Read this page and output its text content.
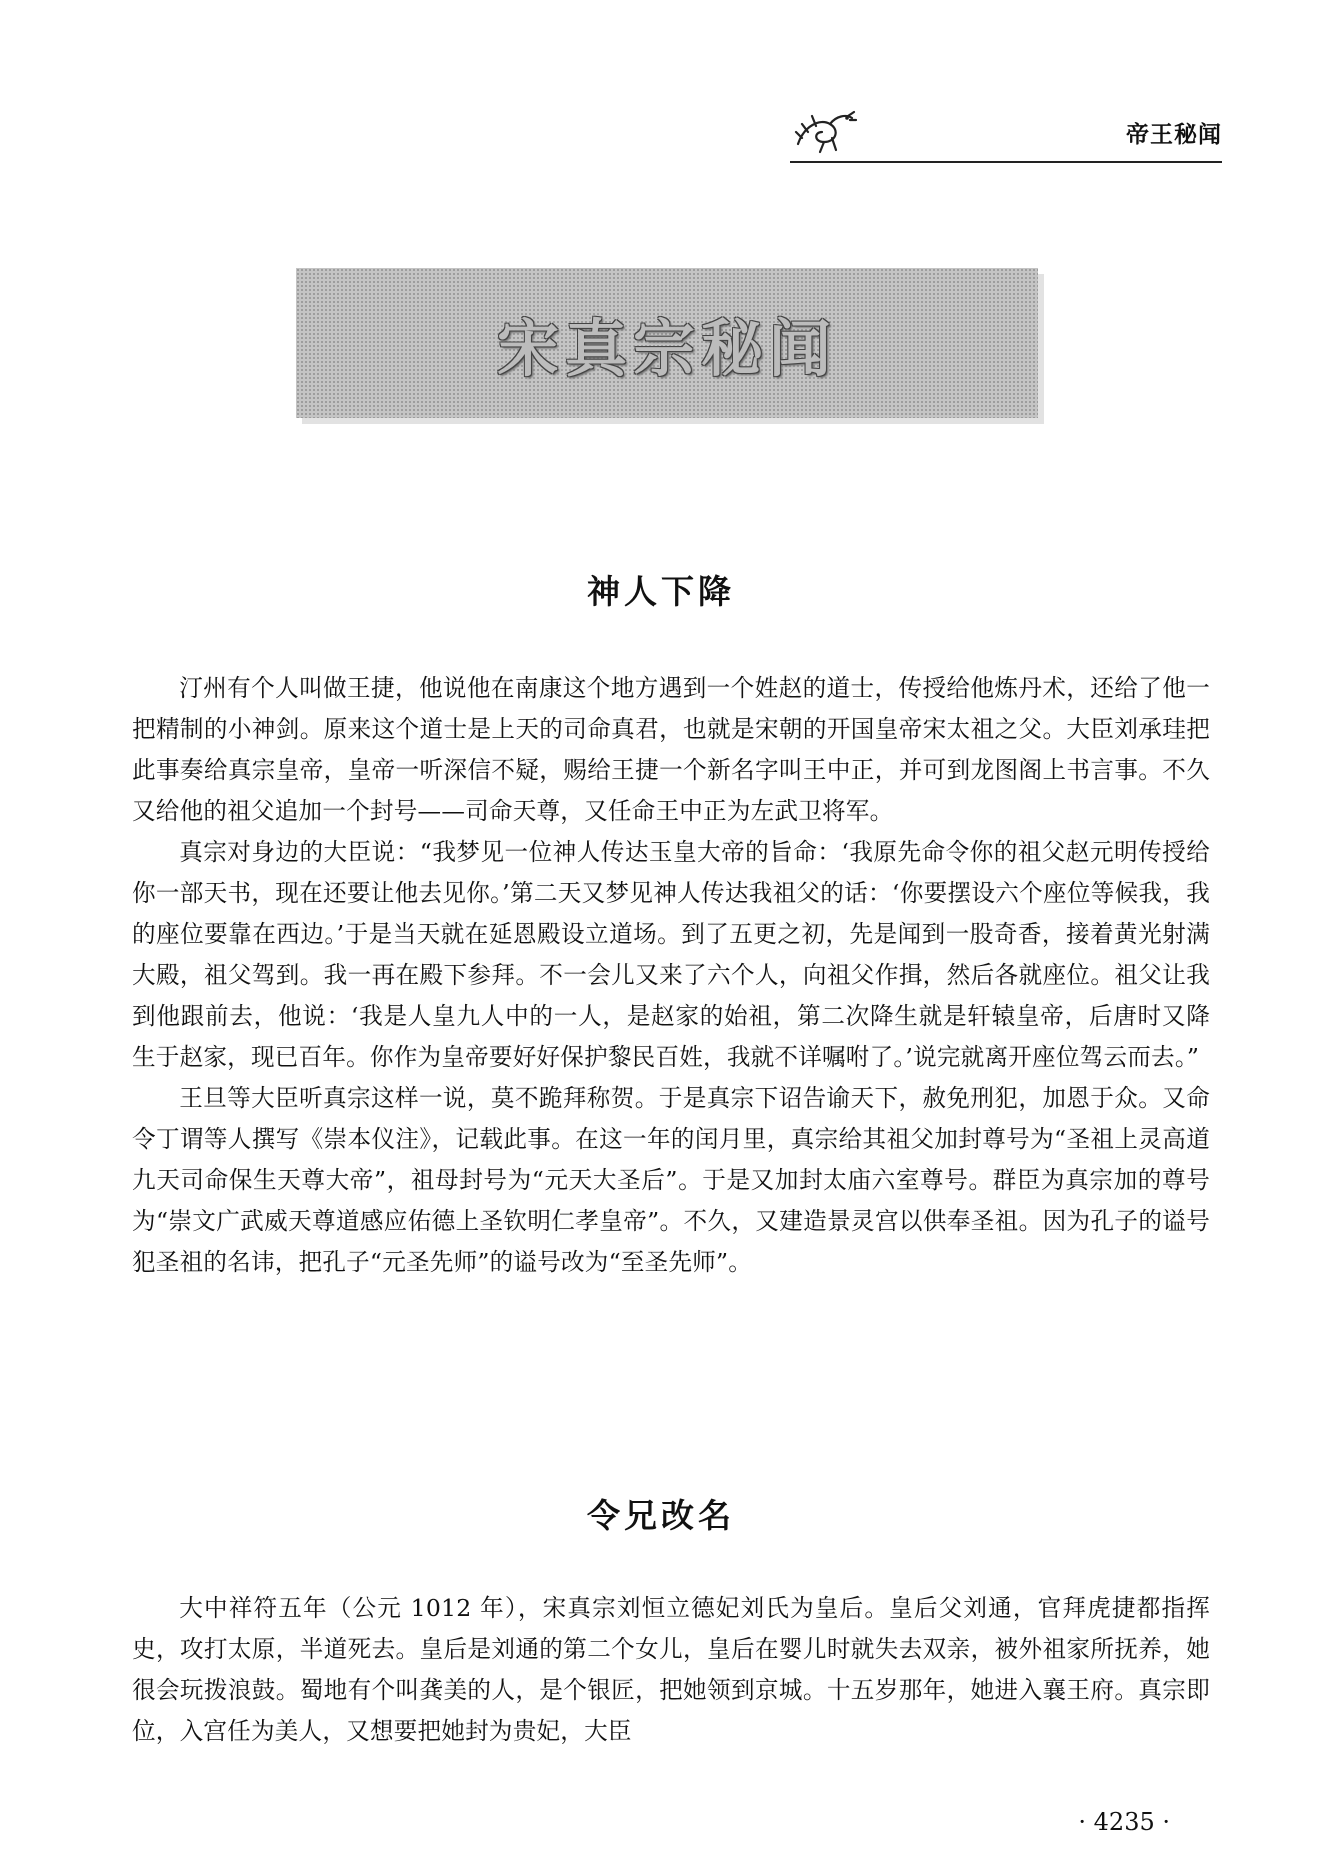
帝王秘闻
宋真宗秘闻
神人下降

汀州有个人叫做王捷，他说他在南康这个地方遇到一个姓赵的道士，传授给他炼丹术，还给了他一把精制的小神剑。原来这个道士是上天的司命真君，也就是宋朝的开国皇帝宋太祖之父。大臣刘承珪把此事奏给真宗皇帝，皇帝一听深信不疑，赐给王捷一个新名字叫王中正，并可到龙图阁上书言事。不久又给他的祖父追加一个封号——司命天尊，又任命王中正为左武卫将军。

真宗对身边的大臣说：“我梦见一位神人传达玉皇大帝的旨命：‘我原先命令你的祖父赵元明传授给你一部天书，现在还要让他去见你。’第二天又梦见神人传达我祖父的话：‘你要摆设六个座位等候我，我的座位要靠在西边。’于是当天就在延恩殿设立道场。到了五更之初，先是闻到一股奇香，接着黄光射满大殿，祖父驾到。我一再在殿下参拜。不一会儿又来了六个人，向祖父作揖，然后各就座位。祖父让我到他跟前去，他说：‘我是人皇九人中的一人，是赵家的始祖，第二次降生就是轩辕皇帝，后唐时又降生于赵家，现已百年。你作为皇帝要好好保护黎民百姓，我就不详嘱咐了。’说完就离开座位驾云而去。”

王旦等大臣听真宗这样一说，莫不跪拜称贺。于是真宗下诏告谕天下，赦免刑犯，加恩于众。又命令丁谓等人撰写《崇本仪注》，记载此事。在这一年的闰月里，真宗给其祖父加封尊号为“圣祖上灵高道九天司命保生天尊大帝”，祖母封号为“元天大圣后”。于是又加封太庙六室尊号。群臣为真宗加的尊号为“崇文广武威天尊道感应佑德上圣钦明仁孝皇帝”。不久，又建造景灵宫以供奉圣祖。因为孔子的谥号犯圣祖的名讳，把孔子“元圣先师”的谥号改为“至圣先师”。

令兄改名

大中祥符五年（公元 1012 年），宋真宗刘恒立德妃刘氏为皇后。皇后父刘通，官拜虎捷都指挥史，攻打太原，半道死去。皇后是刘通的第二个女儿，皇后在婴儿时就失去双亲，被外祖家所抚养，她很会玩拨浪鼓。蜀地有个叫龚美的人，是个银匠，把她领到京城。十五岁那年，她进入襄王府。真宗即位，入宫任为美人，又想要把她封为贵妃，大臣

· 4235 ·
